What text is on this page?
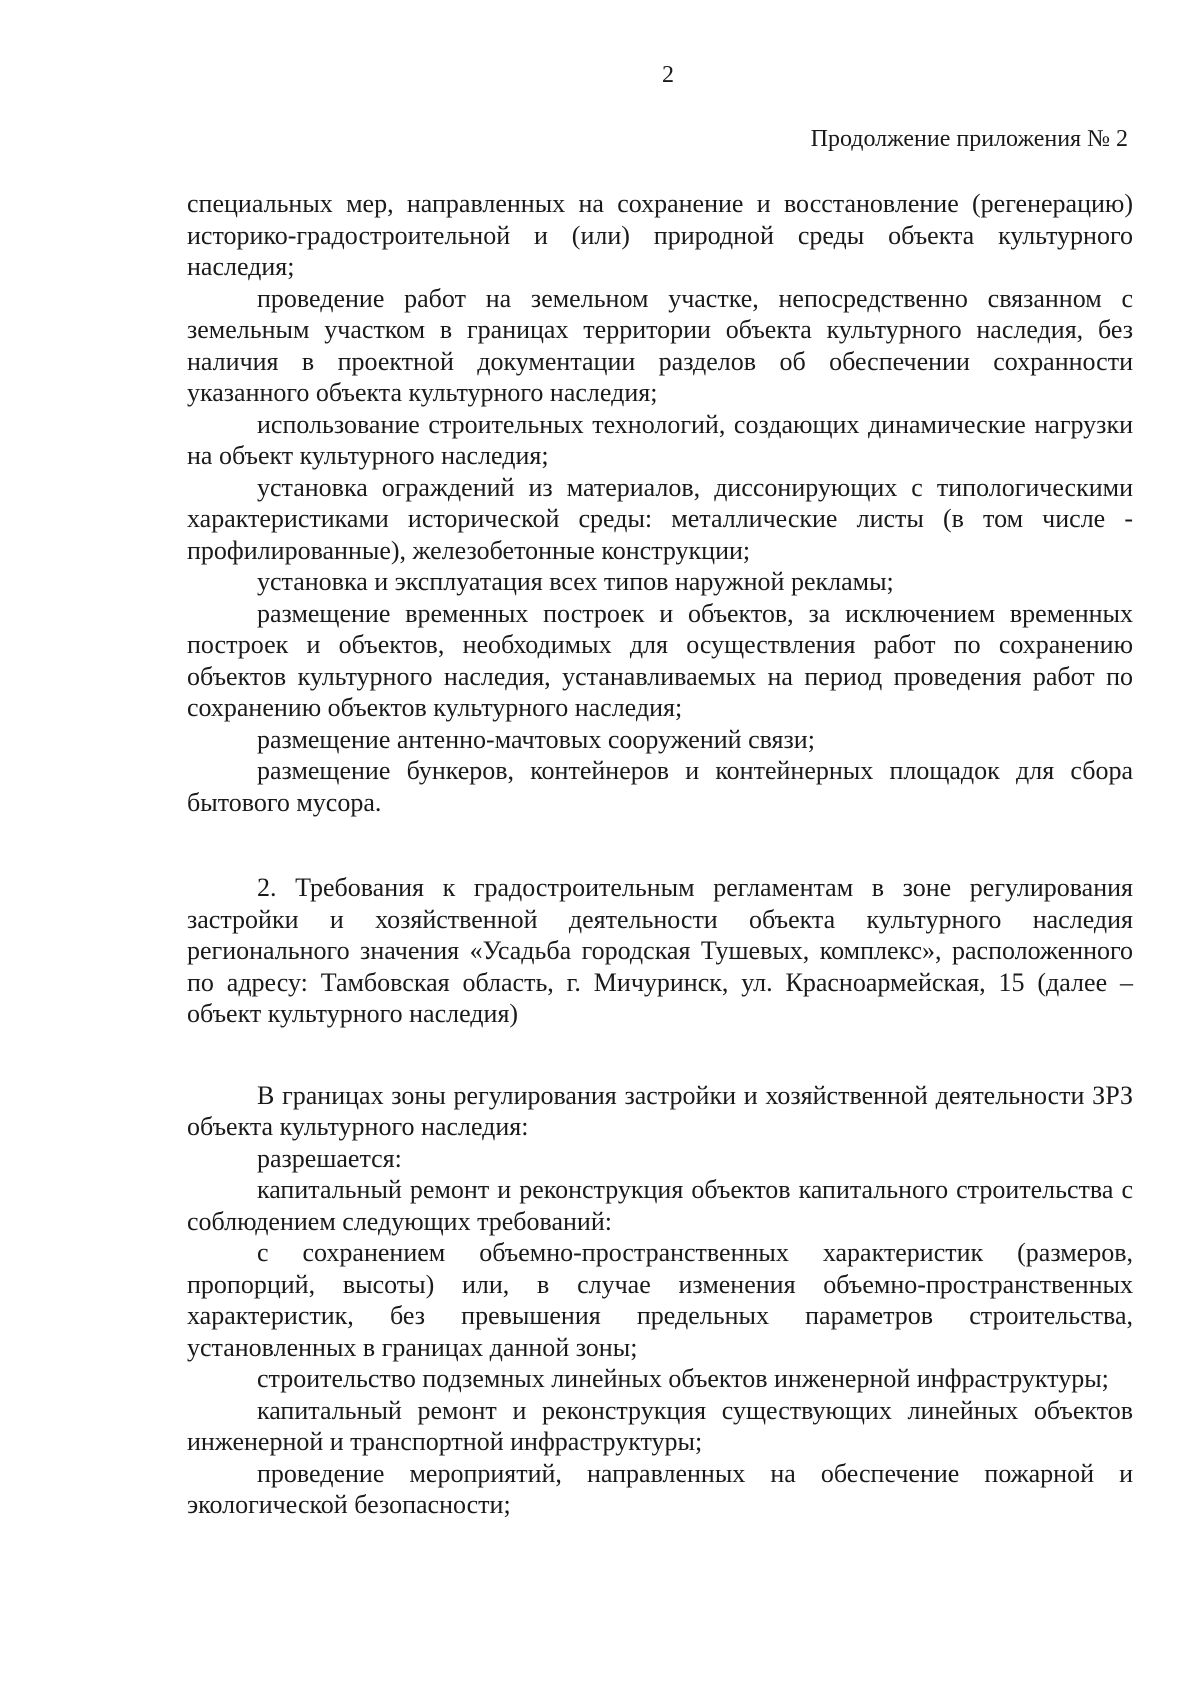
2
Продолжение приложения № 2

специальных мер, направленных на сохранение и восстановление (регенерацию) историко-градостроительной и (или) природной среды объекта культурного наследия;

проведение работ на земельном участке, непосредственно связанном с земельным участком в границах территории объекта культурного наследия, без наличия в проектной документации разделов об обеспечении сохранности указанного объекта культурного наследия;

использование строительных технологий, создающих динамические нагрузки на объект культурного наследия;

установка ограждений из материалов, диссонирующих с типологическими характеристиками исторической среды: металлические листы (в том числе - профилированные), железобетонные конструкции;

установка и эксплуатация всех типов наружной рекламы;

размещение временных построек и объектов, за исключением временных построек и объектов, необходимых для осуществления работ по сохранению объектов культурного наследия, устанавливаемых на период проведения работ по сохранению объектов культурного наследия;

размещение антенно-мачтовых сооружений связи;

размещение бункеров, контейнеров и контейнерных площадок для сбора бытового мусора.

2. Требования к градостроительным регламентам в зоне регулирования застройки и хозяйственной деятельности объекта культурного наследия регионального значения «Усадьба городская Тушевых, комплекс», расположенного по адресу: Тамбовская область, г. Мичуринск, ул. Красноармейская, 15 (далее – объект культурного наследия)

В границах зоны регулирования застройки и хозяйственной деятельности ЗРЗ объекта культурного наследия:

разрешается:

капитальный ремонт и реконструкция объектов капитального строительства с соблюдением следующих требований:

с сохранением объемно-пространственных характеристик (размеров, пропорций, высоты) или, в случае изменения объемно-пространственных характеристик, без превышения предельных параметров строительства, установленных в границах данной зоны;

строительство подземных линейных объектов инженерной инфраструктуры;

капитальный ремонт и реконструкция существующих линейных объектов инженерной и транспортной инфраструктуры;

проведение мероприятий, направленных на обеспечение пожарной и экологической безопасности;
